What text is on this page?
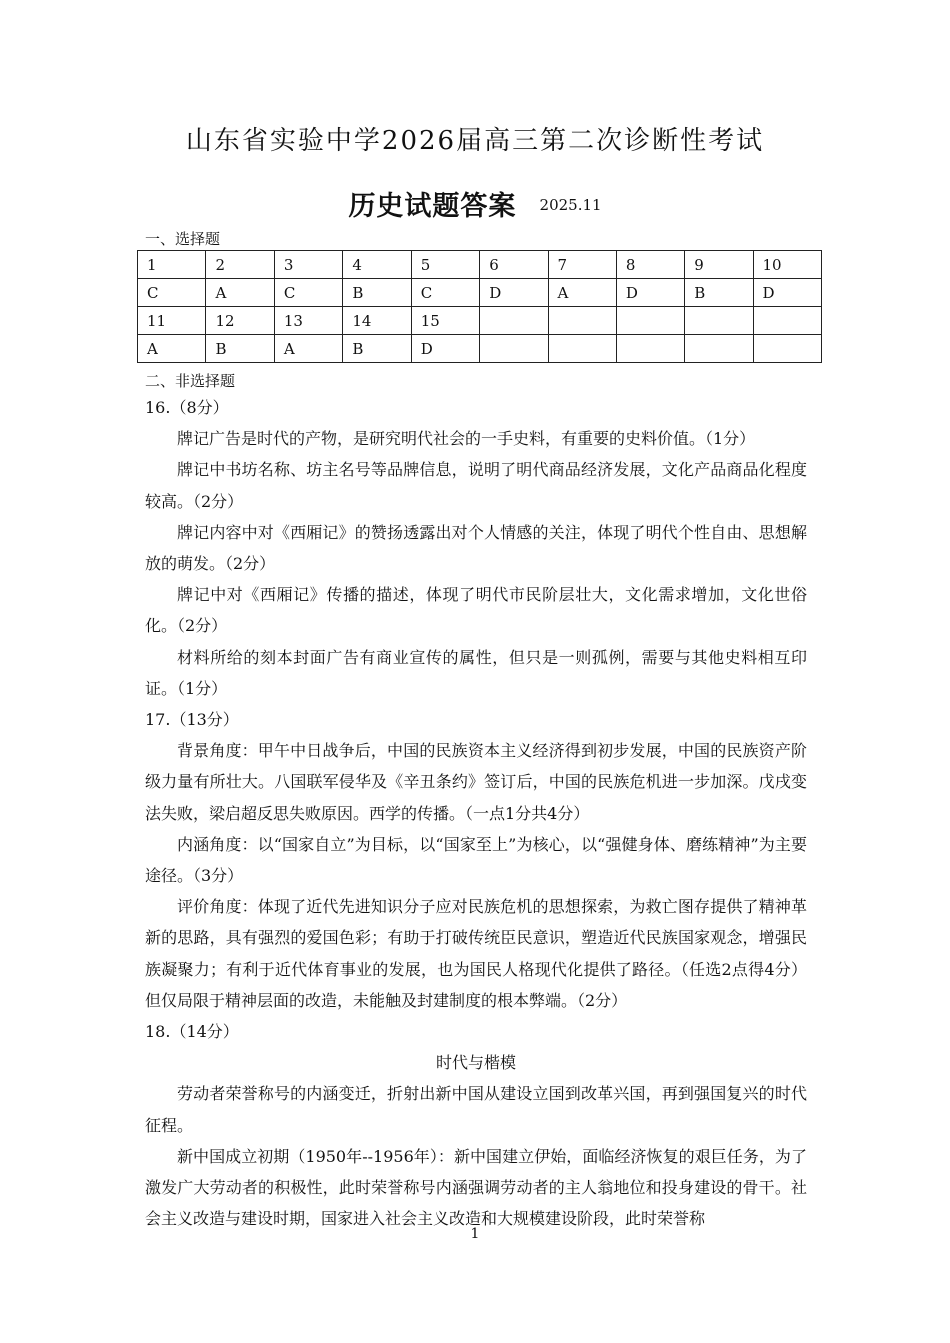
山东省实验中学2026届高三第二次诊断性考试
历史试题答案 2025.11
一、选择题
1	2	3	4	5	6	7	8	9	10
C	A	C	B	C	D	A	D	B	D
11	12	13	14	15					
A	B	A	B	D					
二、非选择题

16.（8分）

牌记广告是时代的产物，是研究明代社会的一手史料，有重要的史料价值。（1分）

牌记中书坊名称、坊主名号等品牌信息，说明了明代商品经济发展，文化产品商品化程度较高。（2分）

牌记内容中对《西厢记》的赞扬透露出对个人情感的关注，体现了明代个性自由、思想解放的萌发。（2分）

牌记中对《西厢记》传播的描述，体现了明代市民阶层壮大，文化需求增加，文化世俗化。（2分）

材料所给的刻本封面广告有商业宣传的属性，但只是一则孤例，需要与其他史料相互印证。（1分）

17.（13分）

背景角度：甲午中日战争后，中国的民族资本主义经济得到初步发展，中国的民族资产阶级力量有所壮大。八国联军侵华及《辛丑条约》签订后，中国的民族危机进一步加深。戊戌变法失败，梁启超反思失败原因。西学的传播。（一点1分共4分）

内涵角度：以“国家自立”为目标，以“国家至上”为核心，以“强健身体、磨练精神”为主要途径。（3分）

评价角度：体现了近代先进知识分子应对民族危机的思想探索，为救亡图存提供了精神革新的思路，具有强烈的爱国色彩；有助于打破传统臣民意识，塑造近代民族国家观念，增强民族凝聚力；有利于近代体育事业的发展，也为国民人格现代化提供了路径。（任选2点得4分）但仅局限于精神层面的改造，未能触及封建制度的根本弊端。（2分）

18.（14分）

时代与楷模

劳动者荣誉称号的内涵变迁，折射出新中国从建设立国到改革兴国，再到强国复兴的时代征程。

新中国成立初期（1950年--1956年）：新中国建立伊始，面临经济恢复的艰巨任务，为了激发广大劳动者的积极性，此时荣誉称号内涵强调劳动者的主人翁地位和投身建设的骨干。社会主义改造与建设时期，国家进入社会主义改造和大规模建设阶段，此时荣誉称

1
